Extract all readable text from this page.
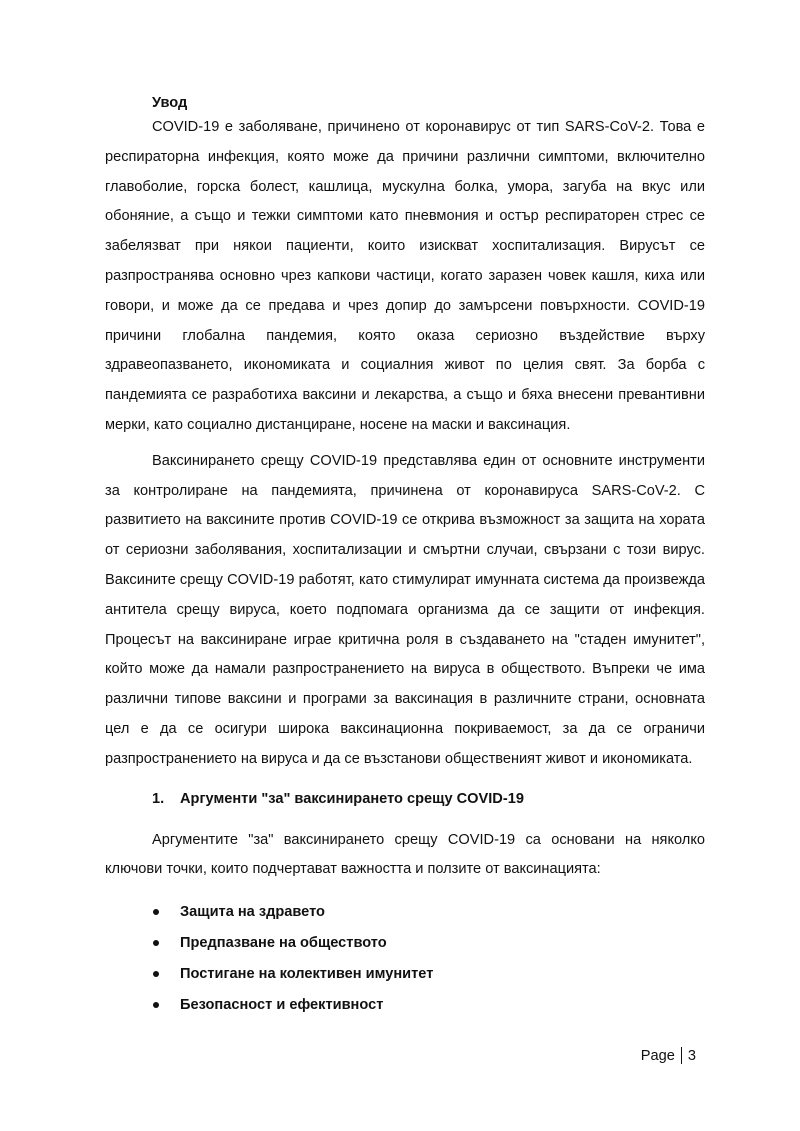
Увод

COVID-19 е заболяване, причинено от коронавирус от тип SARS-CoV-2. Това е респираторна инфекция, която може да причини различни симптоми, включително главоболие, горска болест, кашлица, мускулна болка, умора, загуба на вкус или обоняние, а също и тежки симптоми като пневмония и остър респираторен стрес се забелязват при някои пациенти, които изискват хоспитализация. Вирусът се разпространява основно чрез капкови частици, когато заразен човек кашля, киха или говори, и може да се предава и чрез допир до замърсени повърхности. COVID-19 причини глобална пандемия, която оказа сериозно въздействие върху здравеопазването, икономиката и социалния живот по целия свят. За борба с пандемията се разработиха ваксини и лекарства, а също и бяха внесени превантивни мерки, като социално дистанциране, носене на маски и ваксинация.

Ваксинирането срещу COVID-19 представлява един от основните инструменти за контролиране на пандемията, причинена от коронавируса SARS-CoV-2. С развитието на ваксините против COVID-19 се открива възможност за защита на хората от сериозни заболявания, хоспитализации и смъртни случаи, свързани с този вирус. Ваксините срещу COVID-19 работят, като стимулират имунната система да произвежда антитела срещу вируса, което подпомага организма да се защити от инфекция. Процесът на ваксиниране играе критична роля в създаването на "стаден имунитет", който може да намали разпространението на вируса в обществото. Въпреки че има различни типове ваксини и програми за ваксинация в различните страни, основната цел е да се осигури широка ваксинационна покриваемост, за да се ограничи разпространението на вируса и да се възстанови общественият живот и икономиката.

1.	Аргументи "за" ваксинирането срещу COVID-19

Аргументите "за" ваксинирането срещу COVID-19 са основани на няколко ключови точки, които подчертават важността и ползите от ваксинацията:

Защита на здравето
Предпазване на обществото
Постигане на колективен имунитет
Безопасност и ефективност
Page 3
